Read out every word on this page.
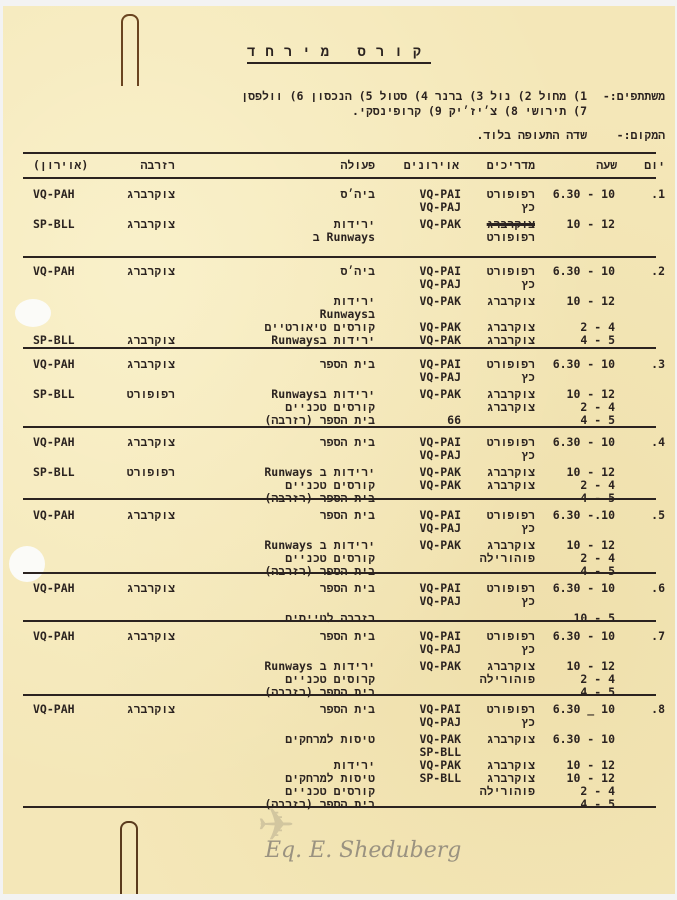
קורס מירחד
משתתפים:-
1) מחול 2) נול 3) ברנר 4) סטול 5) הנכסון 6) וולפסן
7) תירושי 8) צ׳יז׳יק 9) קרופינסקי.
המקום:-
שדה התעופה בלוד.
יום
שעה
מדריכים
אוירונים
פעולה
רזרבה
(אוירון)
.1
6.30 - 10
רפופורט
כץ
VQ-PAI
VQ-PAJ
ביה׳ס
צוקרברג
VQ-PAH
10 - 12
צוקרברג
רפופורט
VQ-PAK
ירידות
Runways ב
צוקרברג
SP-BLL
.2
6.30 - 10
רפופורט
כץ
VQ-PAI
VQ-PAJ
ביה׳ס
צוקרברג
VQ-PAH
10 - 12
צוקרברג
VQ-PAK
ירידות
בRunways
2 - 4
צוקרברג
VQ-PAK
קורסים טיאורטיים
4 - 5
צוקרברג
VQ-PAK
ירידות בRunways
צוקרברג
SP-BLL
.3
6.30 - 10
רפופורט
כץ
VQ-PAI
VQ-PAJ
בית הספר
צוקרברג
VQ-PAH
10 - 12
צוקרברג
VQ-PAK
ירידות בRunways
רפופורט
SP-BLL
2 - 4
צוקרברג
קורסים טכניים
4 - 5
66
בית הספר (רזרבה)
.4
6.30 - 10
רפופורט
כץ
VQ-PAI
VQ-PAJ
בית הספר
צוקרברג
VQ-PAH
10 - 12
צוקרברג
VQ-PAK
ירידות ב Runways
רפופורט
SP-BLL
2 - 4
צוקרברג
VQ-PAK
קורסים טכניים
4 - 5
בית הספר (רזרבה)
.5
6.30 -.10
רפופורט
כץ
VQ-PAI
VQ-PAJ
בית הספר
צוקרברג
VQ-PAH
10 - 12
צוקרברג
VQ-PAK
ירידות ב Runways
2 - 4
פוהורילה
קורסים טכניים
4 - 5
בית הספר (רזרבה)
.6
6.30 - 10
רפופורט
כץ
VQ-PAI
VQ-PAJ
בית הספר
צוקרברג
VQ-PAH
10 - 5
רזרבה לטייסים
.7
6.30 - 10
רפופורט
כץ
VQ-PAI
VQ-PAJ
בית הספר
צוקרברג
VQ-PAH
10 - 12
צוקרברג
VQ-PAK
ירידות ב Runways
2 - 4
פוהורילה
קרוסים טכניים
4 - 5
בית הספר (רזרבה)
.8
6.30 _ 10
רפופורט
כץ
VQ-PAI
VQ-PAJ
בית הספר
צוקרברג
VQ-PAH
6.30 - 10
צוקרברג
VQ-PAK
SP-BLL
טיסות למרחקים
10 - 12
צוקרברג
VQ-PAK
ירידות
10 - 12
צוקרברג
SP-BLL
טיסות למרחקים
2 - 4
פוהורילה
קורסים טכניים
4 - 5
בית הספר (רזרבה)
✈
Eq. E. Sheduberg
